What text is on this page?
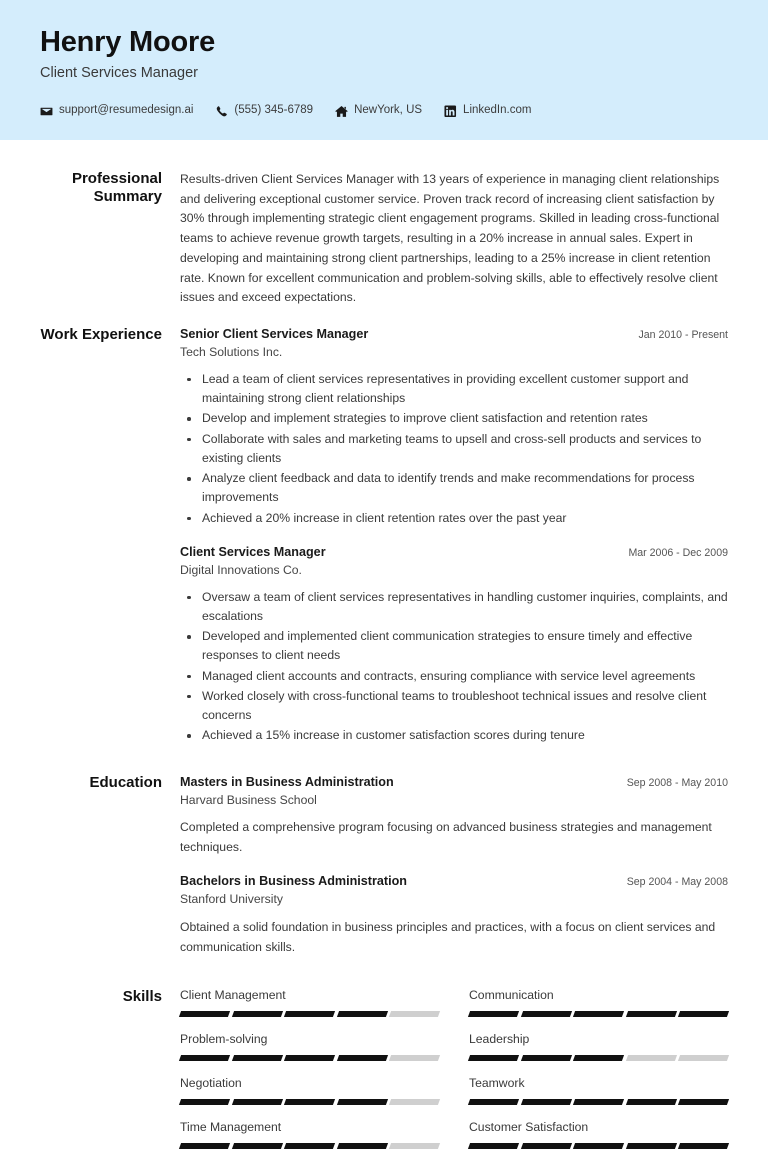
Henry Moore
Client Services Manager
support@resumedesign.ai	(555) 345-6789	NewYork, US	LinkedIn.com
Professional Summary

Results-driven Client Services Manager with 13 years of experience in managing client relationships and delivering exceptional customer service. Proven track record of increasing client satisfaction by 30% through implementing strategic client engagement programs. Skilled in leading cross-functional teams to achieve revenue growth targets, resulting in a 20% increase in annual sales. Expert in developing and maintaining strong client partnerships, leading to a 25% increase in client retention rate. Known for excellent communication and problem-solving skills, able to effectively resolve client issues and exceed expectations.

Work Experience	Senior Client Services Manager	Jan 2010 - Present
Tech Solutions Inc.
Lead a team of client services representatives in providing excellent customer support and maintaining strong client relationships
Develop and implement strategies to improve client satisfaction and retention rates
Collaborate with sales and marketing teams to upsell and cross-sell products and services to existing clients
Analyze client feedback and data to identify trends and make recommendations for process improvements
Achieved a 20% increase in client retention rates over the past year
Client Services Manager	Mar 2006 - Dec 2009
Digital Innovations Co.
Oversaw a team of client services representatives in handling customer inquiries, complaints, and escalations
Developed and implemented client communication strategies to ensure timely and effective responses to client needs
Managed client accounts and contracts, ensuring compliance with service level agreements
Worked closely with cross-functional teams to troubleshoot technical issues and resolve client concerns
Achieved a 15% increase in customer satisfaction scores during tenure
Education	Masters in Business Administration	Sep 2008 - May 2010
Harvard Business School
Completed a comprehensive program focusing on advanced business strategies and management techniques.
Bachelors in Business Administration	Sep 2004 - May 2008
Stanford University
Obtained a solid foundation in business principles and practices, with a focus on client services and communication skills.
Skills	Client Management	Communication
Problem-solving	Leadership
Negotiation	Teamwork
Time Management	Customer Satisfaction
